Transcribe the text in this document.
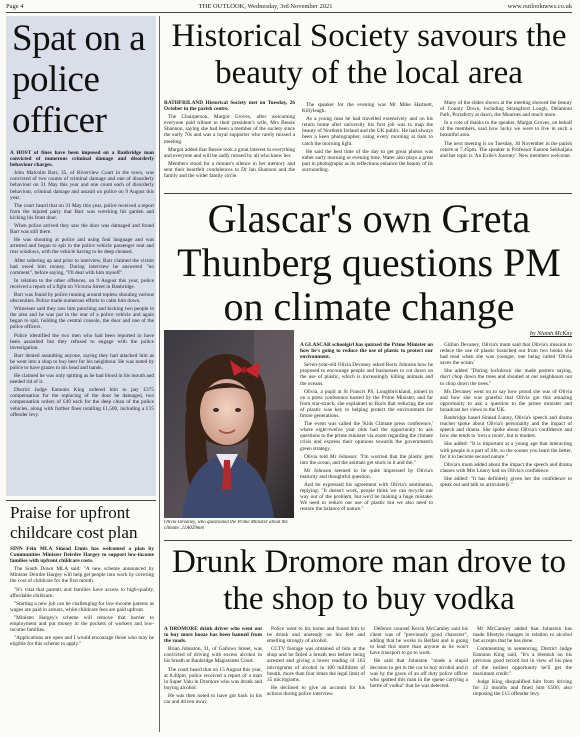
Page 4	THE OUTLOOK, Wednesday, 3rd November 2021	www.outlooknews.co.uk
Spat on a police officer

A HOST of fines have been imposed on a Banbridge man convicted of numerous criminal damage and disorderly behaviour charges.

John Malcolm Barr, 35, of Riverview Court in the town, was convicted of two counts of criminal damage and one of disorderly behaviour on 31 May this year and one count each of disorderly behaviour, criminal damage and assault on police on 9 August this year.

The court heard that on 31 May this year, police received a report from the injured party that Barr was wrecking his garden and kicking his front door.

When police arrived they saw the door was damaged and found Barr was still there.

He was shouting at police and using foul language and was arrested and began to spit in the police vehicle passenger seat and rear windows, with the vehicle having to be deep cleaned.

After sobering up and prior to interview, Barr claimed the victim had owed him money. During interview he answered "no comment", before saying, "I'll deal with him myself".

In relation to the other offences, on 9 August this year, police received a report of a fight on Victoria Street in Banbridge.

Barr was found by police running around topless shouting various obscenities. Police made numerous efforts to calm him down.

Witnesses said they saw him punching and kicking two people in the area and he was put in the rear of a police vehicle and again began to spit, holding the central console, the door and one of the police officers.

Police identified the two men who had been reported to have been assaulted but they refused to engage with the police investigation.

Barr denied assaulting anyone, saying they had attacked him as he went into a shop to buy beer for his neighbour. He was noted by police to have grazes to his head and hands.

He claimed he was only spitting as he had blood in his mouth and needed rid of it.

District Judge Eamonn King ordered him to pay £375 compensation for the replacing of the door he damaged, two compensation orders of £49 each for the deep clean of the police vehicles, along with further fines totalling £1,500, including a £15 offender levy.

Praise for upfront childcare cost plan

SINN Féin MLA Sinead Ennis has welcomed a plan by Communities Minister Deirdre Hargey to support low-income families with upfront childcare costs.

The South Down MLA said: "A new scheme announced by Minister Deirdre Hargey will help get people into work by covering the cost of childcare for the first month.

"It's vital that parents and families have access to high-quality, affordable childcare.

"Starting a new job can be challenging for low-income parents as wages are paid in arrears, while childcare fees are paid upfront.

"Minister Hargey's scheme will remove that barrier to employment and put money in the pockets of workers and low-income families.

"Applications are open and I would encourage those who may be eligible for this scheme to apply."

Historical Society savours the beauty of the local area

RATHFRILAND Historical Society met on Tuesday, 26 October in the parish centre.

The Chairperson, Margot Groves, after welcoming everyone paid tribute to their president's wife, Mrs Bessie Shannon, saying she had been a member of the society since the early 70s and was a loyal supporter who rarely missed a meeting.

Margot added that Bessie took a great interest in everything and everyone and will be sadly missed by all who knew her.

Members stood for a minute's silence in her memory and sent their heartfelt condolences to Dr Ian Shannon and the family and the wider family circle.

The speaker for the evening was Mr Mike Hartnett, Killyleagh.

As a young man he had travelled extensively and on his return home after university his first job was to map the beauty of Northern Ireland and the UK public. He had always been a keen photographer, using every morning at 6am to catch the morning light.

He said the best time of the day to get great photos was either early morning or evening time. Water also plays a great part in photographs as its reflections enhance the beauty of its surrounding.

Many of the slides shown at the meeting showed the beauty of County Down, including Strangford Lough, Delamont Park, Portaferry at dawn, the Mournes and much more.

In a vote of thanks to the speaker, Margot Groves, on behalf of the members, said how lucky we were to live in such a beautiful area.

The next meeting is on Tuesday, 30 November in the parish centre at 7.45pm. The speaker is Professor Eamon Sekhaljaia and her topic is 'An Exile's Journey'. New members welcome.

Glascar's own Greta Thunberg questions PM on climate change
by Niamh McKay
Olivia Devaney, who questioned the Prime Minister about the climate. 21A029mm

A GLASCAR schoolgirl has quizzed the Prime Minister on how he's going to reduce the use of plastic to protect our environment.

Seven-year-old Olivia Devaney asked Boris Johnson how he proposed to encourage people and businesses to cut down on the use of plastic, which is increasingly killing animals and the oceans.

Olivia, a pupil at St Francis PS, Loughbrickland, joined in on a press conference hosted by the Prime Minister, and far from star-struck, she explained to Boris that reducing the use of plastic was key to helping protect the environment for future generations.

The event was called the 'Kids Climate press conference,' where eight-twelve year olds had the opportunity to ask questions to the prime minister via zoom regarding the climate crisis and express their opinions towards the government's green strategy.

Olivia told Mr Johnson: "I'm worried that the plastic gets into the ocean, and the animals get stuck in it and die."

Mr Johnson seemed to be quite impressed by Olivia's maturity and thoughtful question.

And he expressed his agreement with Olivia's sentiments, replying: "It doesn't work, people think we can recycle our way out of the problem, but we'd be making a huge mistake. We need to reduce our use of plastic but we also need to restore the balance of nature."

Gillian Devaney, Olivia's mum said that Olivia's mission to reduce the use of plastic branched out from two books she had read when she was younger, one being called 'Olivia saves the ocean.'

She added "During lockdown she made posters saying, don't chop down the trees and shouted at our neighbours not to chop down the trees."

Ms Devaney went on to say how proud she was of Olivia and how she was grateful that Olivia got this amazing opportunity to ask a question to the prime minister and broadcast her views to the UK.

Banbridge based Sinead Lunny, Olivia's speech and drama teacher spoke about Olivia's personality and the impact of speech and drama. She spoke about Olivia's confidence and how she tends to 'own a room', but is modest.

She added: "It is important at a young age that interacting with people is a part of life, so the sooner you learn the better, for it to become second nature."

Olivia's mum added about the impact the speech and drama classes with Mrs Lunny had on Olivia's confidence.

She added: "It has definitely given her the confidence to speak out and talk so articulately."

Drunk Dromore man drove to the shop to buy vodka

A DROMORE drink driver who went out to buy more booze has been banned from the roads.

Brian Johnston, 31, of Gallows Street, was convicted of driving with excess alcohol in his breath at Banbridge Magistrates Court.

The court heard that on 15 August this year, at 8.40pm, police received a report of a man in Super Valu in Dromore who was drunk and buying alcohol.

He was then noted to have got back in his car and driven away.

Police went to his home and found him to be drunk and unsteady on his feet and smelling strongly of alcohol.

CCTV footage was obtained of him at the shop and he failed a breath test before being arrested and giving a lower reading of 163 micrograms of alcohol in 100 millilitres of breath, more than four times the legal limit of 35 micrograms.

He declined to give an account for his actions during police interview.

Defence counsel Kevin McCamley said his client was of "previously good character", adding that he works in Belfast and is going to lead this more than anyone as he won't have transport to go to work.

He said that Johnston "made a stupid decision to get in the car to buy alcohol and it was by the grace of an off duty police officer who spotted this man in the queue carrying a bottle of vodka" that he was detected.

Mr McCamley added that Johnston has made lifestyle changes in relation to alcohol but accepts that he has done.

Commenting in sentencing, District Judge Eamonn King said, "It's a blemish on his previous good record but in view of his plea of the earliest opportunity he'll get the maximum credit."

Judge King disqualified him from driving for 12 months and fined him £500, also imposing the £15 offender levy.
